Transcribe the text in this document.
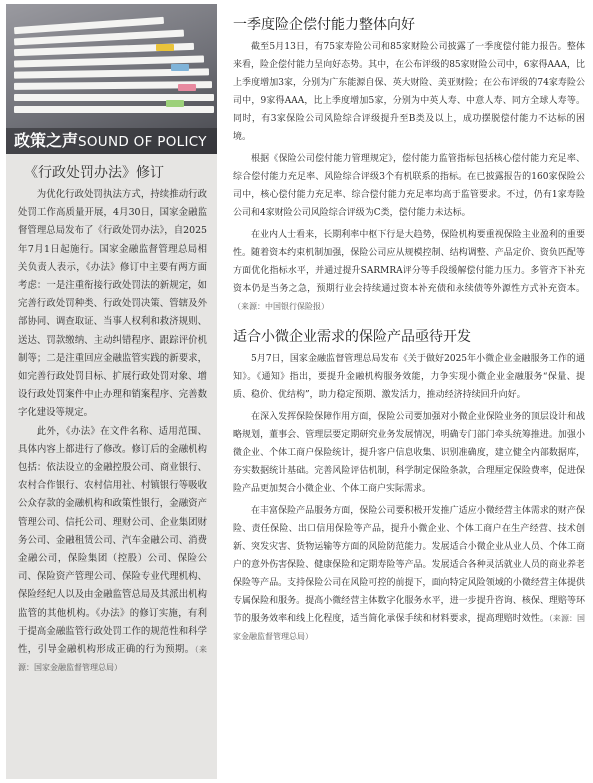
政策之声 SOUND OF POLICY
《行政处罚办法》修订

为优化行政处罚执法方式，持续推动行政处罚工作高质量开展，4月30日，国家金融监督管理总局发布了《行政处罚办法》，自2025年7月1日起施行。国家金融监督管理总局相关负责人表示，《办法》修订中主要有两方面考虑：一是注重衔接行政处罚法的新规定，如完善行政处罚种类、行政处罚决策、管辖及外部协同、调查取证、当事人权利和救济规则、送达、罚款缴纳、主动纠错程序、跟踪评价机制等；二是注重回应金融监管实践的新要求，如完善行政处罚目标、扩展行政处罚对象、增设行政处罚案件中止办理和销案程序、完善数字化建设等规定。

此外，《办法》在文件名称、适用范围、具体内容上都进行了修改。修订后的金融机构包括：依法设立的金融控股公司、商业银行、农村合作银行、农村信用社、村镇银行等吸收公众存款的金融机构和政策性银行，金融资产管理公司、信托公司、理财公司、企业集团财务公司、金融租赁公司、汽车金融公司、消费金融公司，保险集团（控股）公司、保险公司、保险资产管理公司、保险专业代理机构、保险经纪人以及由金融监管总局及其派出机构监管的其他机构。《办法》的修订实施，有利于提高金融监管行政处罚工作的规范性和科学性，引导金融机构形成正确的行为预期。（来源：国家金融监督管理总局）

一季度险企偿付能力整体向好

截至5月13日，有75家寿险公司和85家财险公司披露了一季度偿付能力报告。整体来看，险企偿付能力呈向好态势。其中，在公布评级的85家财险公司中，6家得AAA，比上季度增加3家，分别为广东能源自保、英大财险、美亚财险；在公布评级的74家寿险公司中，9家得AAA，比上季度增加5家，分别为中英人寿、中意人寿、同方全球人寿等。同时，有3家保险公司风险综合评级提升至B类及以上，成功摆脱偿付能力不达标的困境。

根据《保险公司偿付能力管理规定》，偿付能力监管指标包括核心偿付能力充足率、综合偿付能力充足率、风险综合评级3个有机联系的指标。在已披露报告的160家保险公司中，核心偿付能力充足率、综合偿付能力充足率均高于监管要求。不过，仍有1家寿险公司和4家财险公司风险综合评级为C类，偿付能力未达标。

在业内人士看来，长期利率中枢下行是大趋势，保险机构要重视保险主业盈利的重要性。随着资本约束机制加强，保险公司应从规模控制、结构调整、产品定价、资负匹配等方面优化指标水平，并通过提升SARMRA评分等手段缓解偿付能力压力。多管齐下补充资本仍是当务之急，预期行业会持续通过资本补充债和永续债等外源性方式补充资本。（来源：中国银行保险报）

适合小微企业需求的保险产品亟待开发

5月7日，国家金融监督管理总局发布《关于做好2025年小微企业金融服务工作的通知》。《通知》指出，要提升金融机构服务效能，力争实现小微企业金融服务“保量、提质、稳价、优结构”，助力稳定预期、激发活力，推动经济持续回升向好。

在深入发挥保险保障作用方面，保险公司要加强对小微企业保险业务的顶层设计和战略规划，董事会、管理层要定期研究业务发展情况，明确专门部门牵头统筹推进。加强小微企业、个体工商户保险统计，提升客户信息收集、识别准确度，建立健全内部数据库，夯实数据统计基础。完善风险评估机制，科学制定保险条款，合理厘定保险费率，促进保险产品更加契合小微企业、个体工商户实际需求。

在丰富保险产品服务方面，保险公司要积极开发推广适应小微经营主体需求的财产保险、责任保险、出口信用保险等产品，提升小微企业、个体工商户在生产经营、技术创新、突发灾害、货物运输等方面的风险防范能力。发展适合小微企业从业人员、个体工商户的意外伤害保险、健康保险和定期寿险等产品。发展适合各种灵活就业人员的商业养老保险等产品。支持保险公司在风险可控的前提下，面向特定风险领域的小微经营主体提供专属保险和服务。提高小微经营主体数字化服务水平，进一步提升咨询、核保、理赔等环节的服务效率和线上化程度，适当简化承保手续和材料要求，提高理赔时效性。（来源：国家金融监督管理总局）
